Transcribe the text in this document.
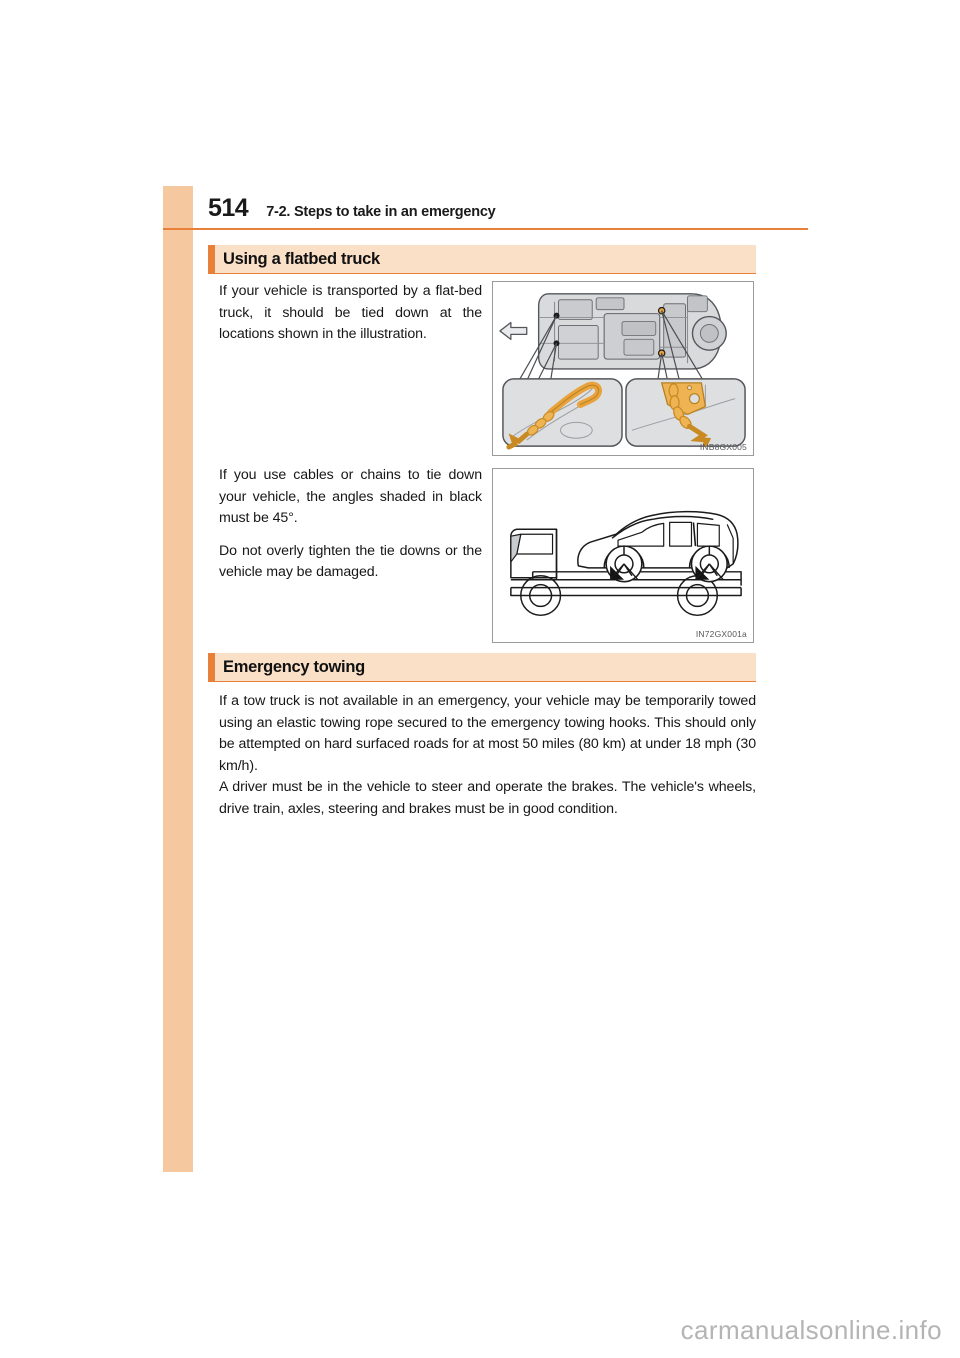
514 7-2. Steps to take in an emergency
Using a flatbed truck

If your vehicle is transported by a flat-bed truck, it should be tied down at the locations shown in the illustration.

INB8GX005

If you use cables or chains to tie down your vehicle, the angles shaded in black must be 45°.

Do not overly tighten the tie downs or the vehicle may be damaged.

IN72GX001a
Emergency towing

If a tow truck is not available in an emergency, your vehicle may be temporarily towed using an elastic towing rope secured to the emergency towing hooks. This should only be attempted on hard surfaced roads for at most 50 miles (80 km) at under 18 mph (30 km/h).

A driver must be in the vehicle to steer and operate the brakes. The vehicle's wheels, drive train, axles, steering and brakes must be in good condition.

carmanualsonline.info
